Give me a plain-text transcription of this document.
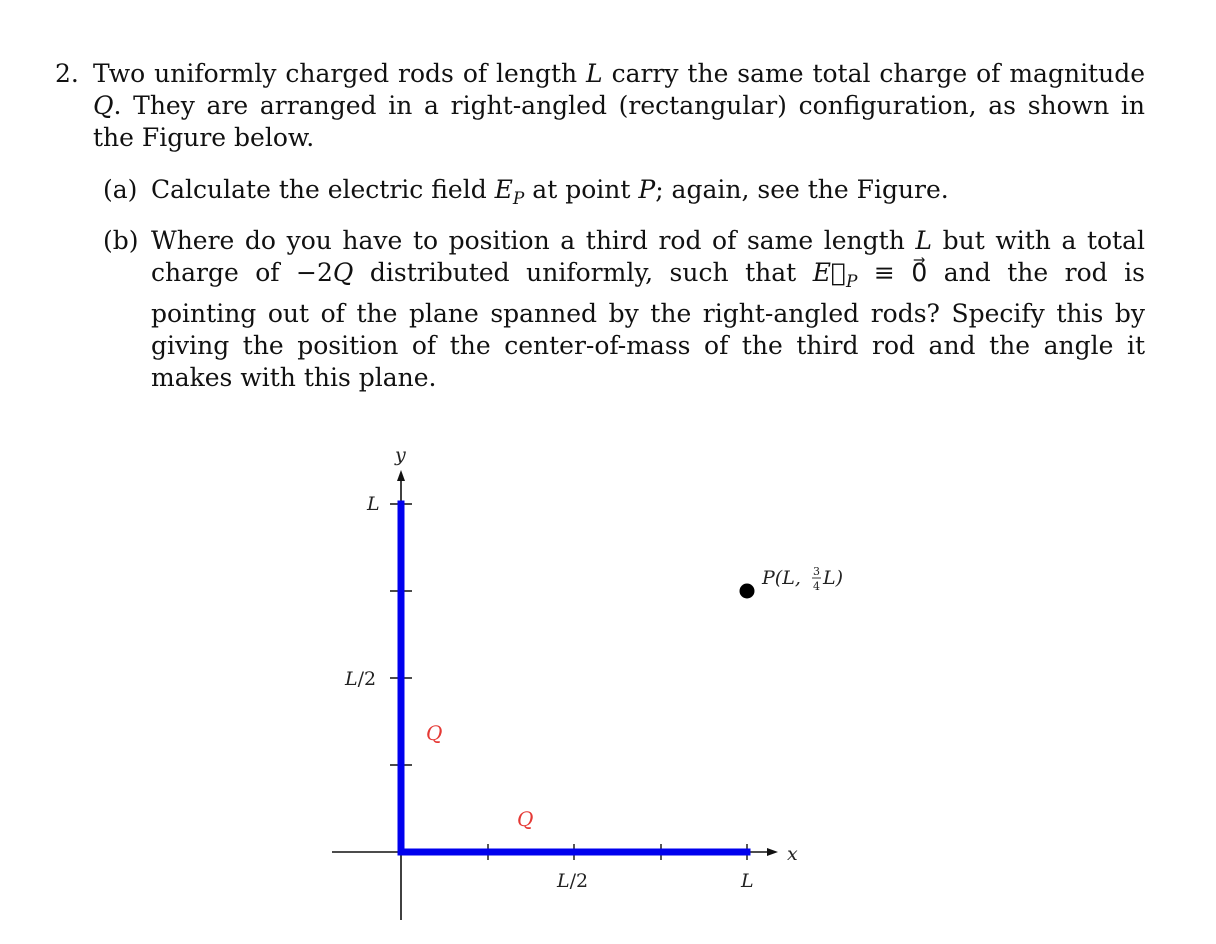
2. Two uniformly charged rods of length L carry the same total charge of magnitude Q. They are arranged in a right-angled (rectangular) configuration, as shown in the Figure below.
(a) Calculate the electric field $E_P$ at point P; again, see the Figure.
(b) Where do you have to position a third rod of same length L but with a total charge of −2Q distributed uniformly, such that $E⃗_P$ ≡ 0⃗ and the rod is pointing out of the plane spanned by the right-angled rods? Specify this by giving the position of the center-of-mass of the third rod and the angle it makes with this plane.
x
y
L
L/2
L/2	L
Q
Q
P(L, 3
4 L)
